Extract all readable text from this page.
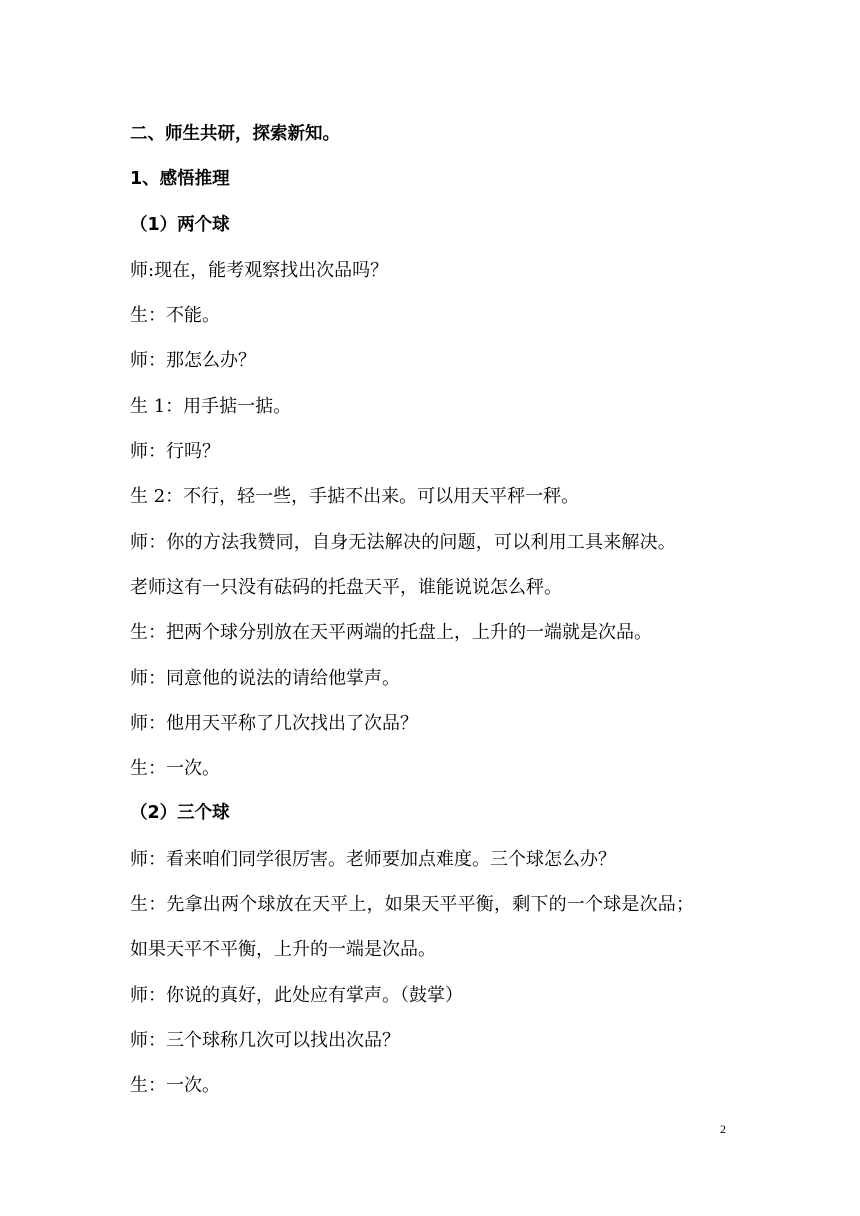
二、师生共研，探索新知。
1、感悟推理
（1）两个球
师:现在，能考观察找出次品吗？
生：不能。
师：那怎么办？
生 1：用手掂一掂。
师：行吗？
生 2：不行，轻一些，手掂不出来。可以用天平秤一秤。
师：你的方法我赞同，自身无法解决的问题，可以利用工具来解决。
老师这有一只没有砝码的托盘天平，谁能说说怎么秤。
生：把两个球分别放在天平两端的托盘上，上升的一端就是次品。
师：同意他的说法的请给他掌声。
师：他用天平称了几次找出了次品？
生：一次。
（2）三个球
师：看来咱们同学很厉害。老师要加点难度。三个球怎么办？
生：先拿出两个球放在天平上，如果天平平衡，剩下的一个球是次品；
如果天平不平衡，上升的一端是次品。
师：你说的真好，此处应有掌声。（鼓掌）
师：三个球称几次可以找出次品？
生：一次。
2
